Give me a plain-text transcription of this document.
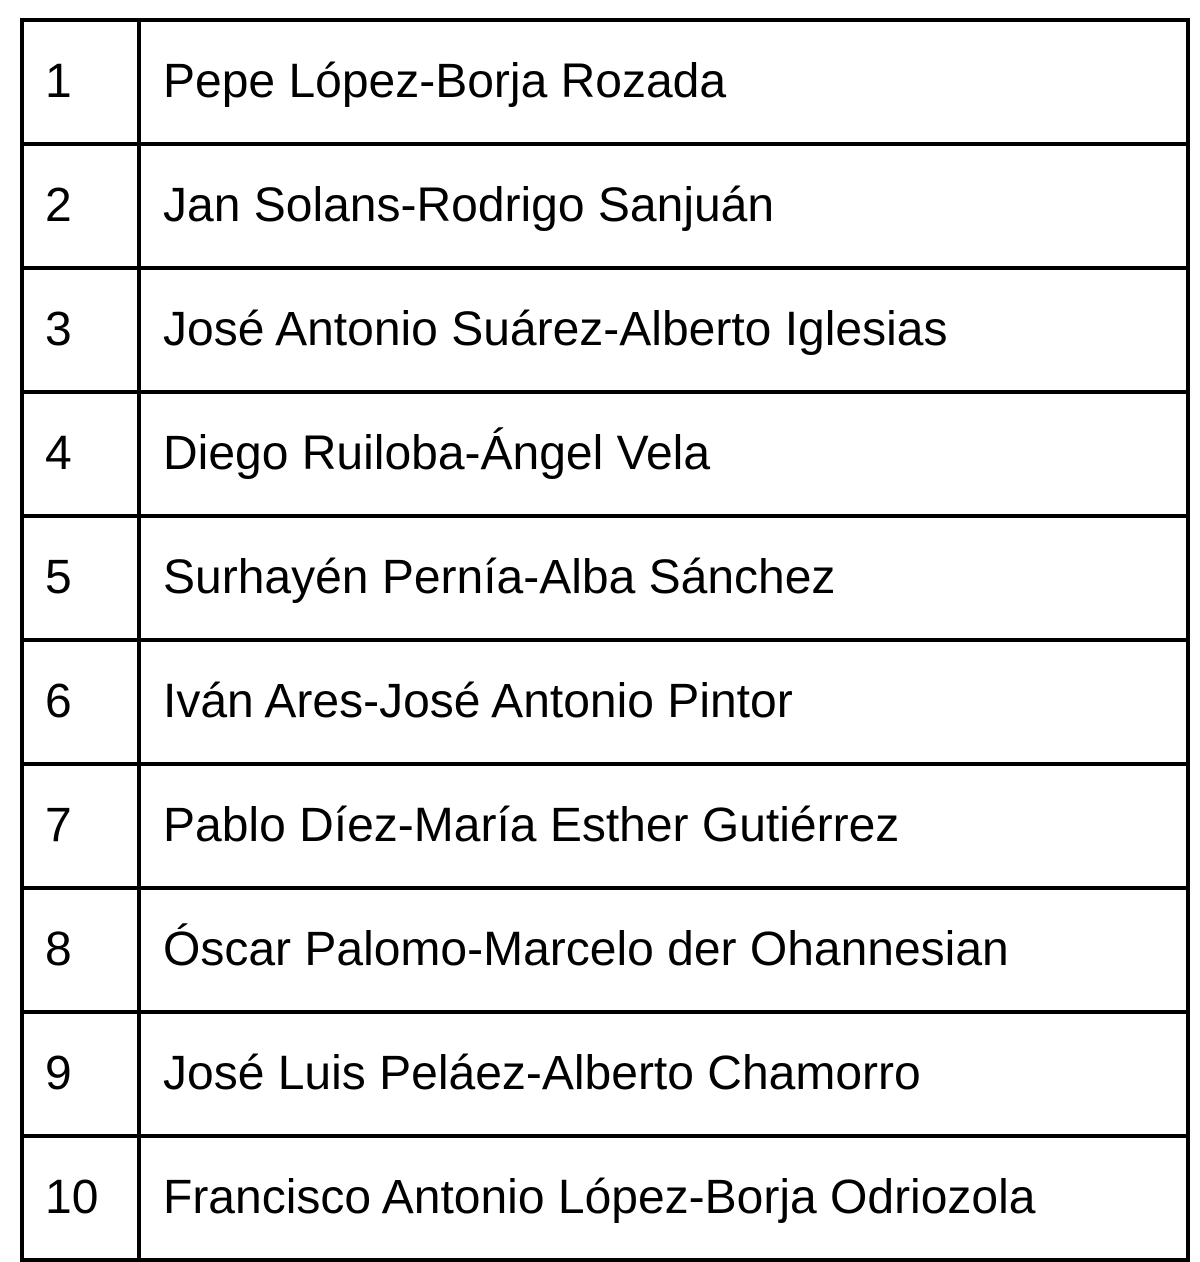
1	Pepe López-Borja Rozada
2	Jan Solans-Rodrigo Sanjuán
3	José Antonio Suárez-Alberto Iglesias
4	Diego Ruiloba-Ángel Vela
5	Surhayén Pernía-Alba Sánchez
6	Iván Ares-José Antonio Pintor
7	Pablo Díez-María Esther Gutiérrez
8	Óscar Palomo-Marcelo der Ohannesian
9	José Luis Peláez-Alberto Chamorro
10	Francisco Antonio López-Borja Odriozola
